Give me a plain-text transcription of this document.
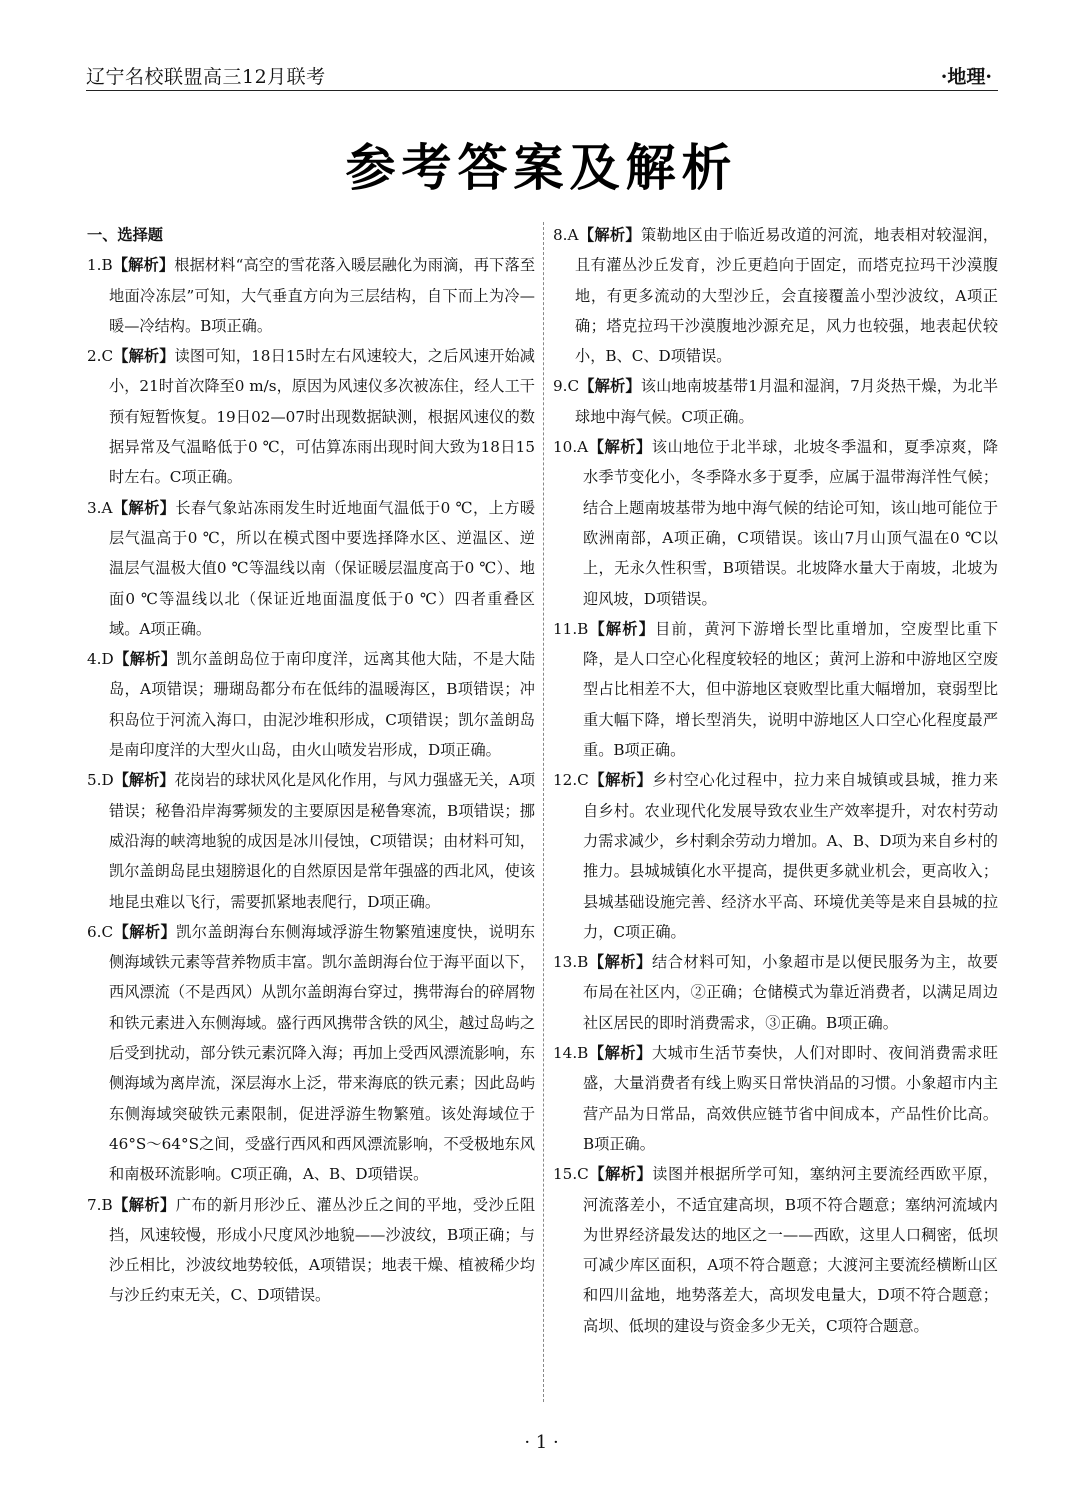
辽宁名校联盟高三12月联考	·地理·
参考答案及解析
一、选择题

1.B【解析】根据材料“高空的雪花落入暖层融化为雨滴，再下落至地面冷冻层”可知，大气垂直方向为三层结构，自下而上为冷—暖—冷结构。B项正确。

2.C【解析】读图可知，18日15时左右风速较大，之后风速开始减小，21时首次降至0 m/s，原因为风速仪多次被冻住，经人工干预有短暂恢复。19日02—07时出现数据缺测，根据风速仪的数据异常及气温略低于0 ℃，可估算冻雨出现时间大致为18日15时左右。C项正确。

3.A【解析】长春气象站冻雨发生时近地面气温低于0 ℃，上方暖层气温高于0 ℃，所以在模式图中要选择降水区、逆温区、逆温层气温极大值0 ℃等温线以南（保证暖层温度高于0 ℃）、地面0 ℃等温线以北（保证近地面温度低于0 ℃）四者重叠区域。A项正确。

4.D【解析】凯尔盖朗岛位于南印度洋，远离其他大陆，不是大陆岛，A项错误；珊瑚岛都分布在低纬的温暖海区，B项错误；冲积岛位于河流入海口，由泥沙堆积形成，C项错误；凯尔盖朗岛是南印度洋的大型火山岛，由火山喷发岩形成，D项正确。

5.D【解析】花岗岩的球状风化是风化作用，与风力强盛无关，A项错误；秘鲁沿岸海雾频发的主要原因是秘鲁寒流，B项错误；挪威沿海的峡湾地貌的成因是冰川侵蚀，C项错误；由材料可知，凯尔盖朗岛昆虫翅膀退化的自然原因是常年强盛的西北风，使该地昆虫难以飞行，需要抓紧地表爬行，D项正确。

6.C【解析】凯尔盖朗海台东侧海域浮游生物繁殖速度快，说明东侧海域铁元素等营养物质丰富。凯尔盖朗海台位于海平面以下，西风漂流（不是西风）从凯尔盖朗海台穿过，携带海台的碎屑物和铁元素进入东侧海域。盛行西风携带含铁的风尘，越过岛屿之后受到扰动，部分铁元素沉降入海；再加上受西风漂流影响，东侧海域为离岸流，深层海水上泛，带来海底的铁元素；因此岛屿东侧海域突破铁元素限制，促进浮游生物繁殖。该处海域位于46°S～64°S之间，受盛行西风和西风漂流影响，不受极地东风和南极环流影响。C项正确，A、B、D项错误。

7.B【解析】广布的新月形沙丘、灌丛沙丘之间的平地，受沙丘阻挡，风速较慢，形成小尺度风沙地貌——沙波纹，B项正确；与沙丘相比，沙波纹地势较低，A项错误；地表干燥、植被稀少均与沙丘约束无关，C、D项错误。

8.A【解析】策勒地区由于临近易改道的河流，地表相对较湿润，且有灌丛沙丘发育，沙丘更趋向于固定，而塔克拉玛干沙漠腹地，有更多流动的大型沙丘，会直接覆盖小型沙波纹，A项正确；塔克拉玛干沙漠腹地沙源充足，风力也较强，地表起伏较小，B、C、D项错误。

9.C【解析】该山地南坡基带1月温和湿润，7月炎热干燥，为北半球地中海气候。C项正确。

10.A【解析】该山地位于北半球，北坡冬季温和，夏季凉爽，降水季节变化小，冬季降水多于夏季，应属于温带海洋性气候；结合上题南坡基带为地中海气候的结论可知，该山地可能位于欧洲南部，A项正确，C项错误。该山7月山顶气温在0 ℃以上，无永久性积雪，B项错误。北坡降水量大于南坡，北坡为迎风坡，D项错误。

11.B【解析】目前，黄河下游增长型比重增加，空废型比重下降，是人口空心化程度较轻的地区；黄河上游和中游地区空废型占比相差不大，但中游地区衰败型比重大幅增加，衰弱型比重大幅下降，增长型消失，说明中游地区人口空心化程度最严重。B项正确。

12.C【解析】乡村空心化过程中，拉力来自城镇或县城，推力来自乡村。农业现代化发展导致农业生产效率提升，对农村劳动力需求减少，乡村剩余劳动力增加。A、B、D项为来自乡村的推力。县城城镇化水平提高，提供更多就业机会，更高收入；县城基础设施完善、经济水平高、环境优美等是来自县城的拉力，C项正确。

13.B【解析】结合材料可知，小象超市是以便民服务为主，故要布局在社区内，②正确；仓储模式为靠近消费者，以满足周边社区居民的即时消费需求，③正确。B项正确。

14.B【解析】大城市生活节奏快，人们对即时、夜间消费需求旺盛，大量消费者有线上购买日常快消品的习惯。小象超市内主营产品为日常品，高效供应链节省中间成本，产品性价比高。B项正确。

15.C【解析】读图并根据所学可知，塞纳河主要流经西欧平原，河流落差小，不适宜建高坝，B项不符合题意；塞纳河流域内为世界经济最发达的地区之一——西欧，这里人口稠密，低坝可减少库区面积，A项不符合题意；大渡河主要流经横断山区和四川盆地，地势落差大，高坝发电量大，D项不符合题意；高坝、低坝的建设与资金多少无关，C项符合题意。

· 1 ·
